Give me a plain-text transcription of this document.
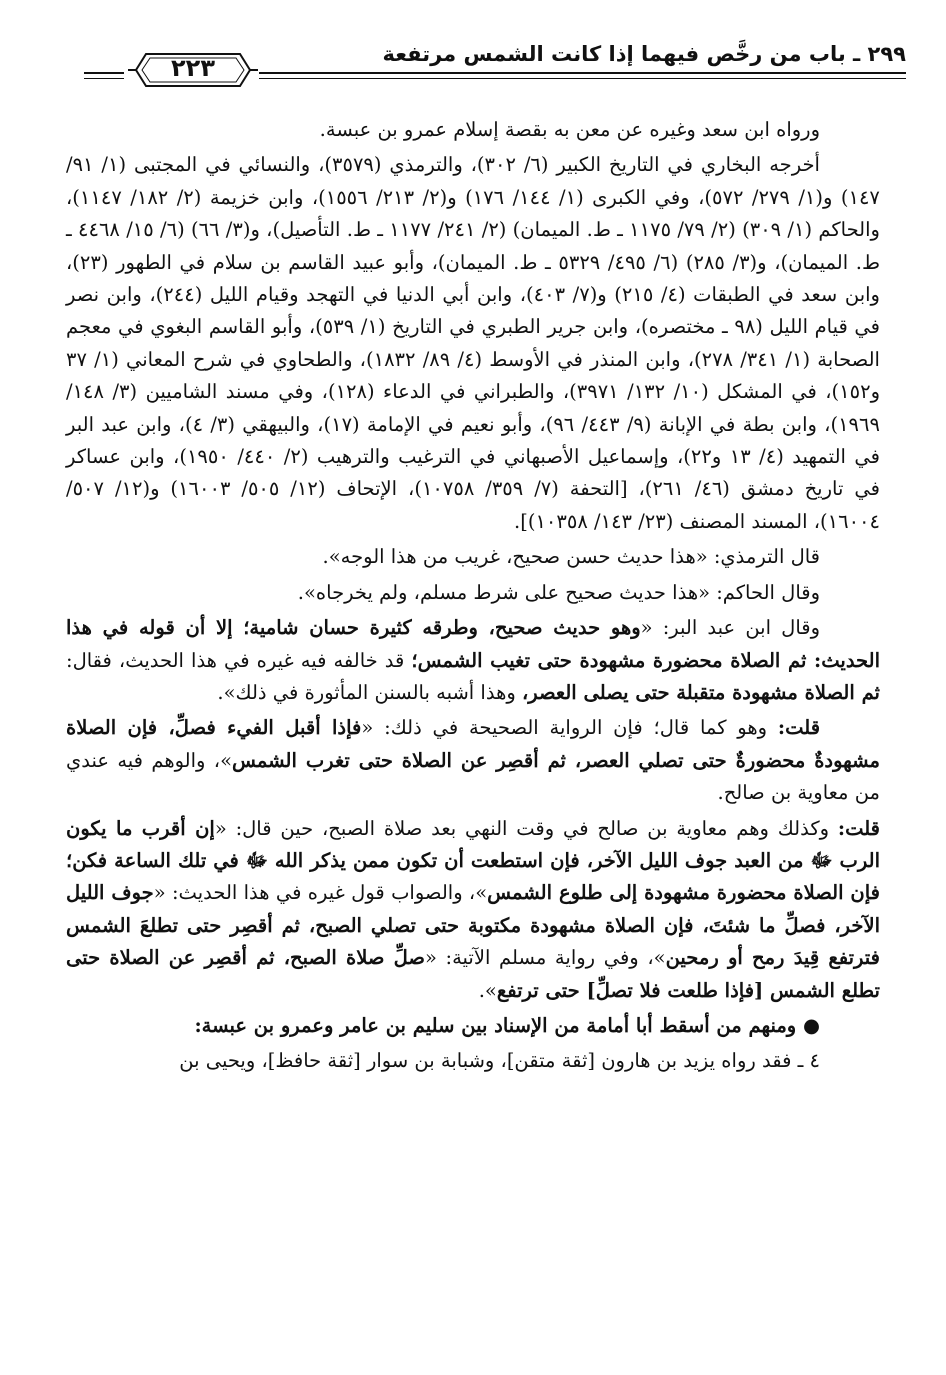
٢٩٩ ـ باب من رخَّص فيهما إذا كانت الشمس مرتفعة
٢٢٣

ورواه ابن سعد وغيره عن معن به بقصة إسلام عمرو بن عبسة.

أخرجه البخاري في التاريخ الكبير (٦/ ٣٠٢)، والترمذي (٣٥٧٩)، والنسائي في المجتبى (١/ ٩١/ ١٤٧) و(١/ ٢٧٩/ ٥٧٢)، وفي الكبرى (١/ ١٤٤/ ١٧٦) و(٢/ ٢١٣/ ١٥٥٦)، وابن خزيمة (٢/ ١٨٢/ ١١٤٧)، والحاكم (١/ ٣٠٩) (٢/ ٧٩/ ١١٧٥ ـ ط. الميمان) (٢/ ٢٤١/ ١١٧٧ ـ ط. التأصيل)، و(٣/ ٦٦) (٦/ ١٥/ ٤٤٦٨ ـ ط. الميمان)، و(٣/ ٢٨٥) (٦/ ٤٩٥/ ٥٣٢٩ ـ ط. الميمان)، وأبو عبيد القاسم بن سلام في الطهور (٢٣)، وابن سعد في الطبقات (٤/ ٢١٥) و(٧/ ٤٠٣)، وابن أبي الدنيا في التهجد وقيام الليل (٢٤٤)، وابن نصر في قيام الليل (٩٨ ـ مختصره)، وابن جرير الطبري في التاريخ (١/ ٥٣٩)، وأبو القاسم البغوي في معجم الصحابة (١/ ٣٤١/ ٢٧٨)، وابن المنذر في الأوسط (٤/ ٨٩/ ١٨٣٢)، والطحاوي في شرح المعاني (١/ ٣٧ و١٥٢)، في المشكل (١٠/ ١٣٢/ ٣٩٧١)، والطبراني في الدعاء (١٢٨)، وفي مسند الشاميين (٣/ ١٤٨/ ١٩٦٩)، وابن بطة في الإبانة (٩/ ٤٤٣/ ٩٦)، وأبو نعيم في الإمامة (١٧)، والبيهقي (٣/ ٤)، وابن عبد البر في التمهيد (٤/ ١٣ و٢٢)، وإسماعيل الأصبهاني في الترغيب والترهيب (٢/ ٤٤٠/ ١٩٥٠)، وابن عساكر في تاريخ دمشق (٤٦/ ٢٦١)، [التحفة (٧/ ٣٥٩/ ١٠٧٥٨)، الإتحاف (١٢/ ٥٠٥/ ١٦٠٠٣) و(١٢/ ٥٠٧/ ١٦٠٠٤)، المسند المصنف (٢٣/ ١٤٣/ ١٠٣٥٨)].

قال الترمذي: «هذا حديث حسن صحيح، غريب من هذا الوجه».

وقال الحاكم: «هذا حديث صحيح على شرط مسلم، ولم يخرجاه».

وقال ابن عبد البر: «وهو حديث صحيح، وطرقه كثيرة حسان شامية؛ إلا أن قوله في هذا الحديث: ثم الصلاة محضورة مشهودة حتى تغيب الشمس؛ قد خالفه فيه غيره في هذا الحديث، فقال: ثم الصلاة مشهودة متقبلة حتى يصلى العصر، وهذا أشبه بالسنن المأثورة في ذلك».

قلت: وهو كما قال؛ فإن الرواية الصحيحة في ذلك: «فإذا أقبل الفيء فصلِّ، فإن الصلاة مشهودةٌ محضورةٌ حتى تصلي العصر، ثم أقصِر عن الصلاة حتى تغرب الشمس»، والوهم فيه عندي من معاوية بن صالح.

قلت: وكذلك وهم معاوية بن صالح في وقت النهي بعد صلاة الصبح، حين قال: «إن أقرب ما يكون الرب ﷻ من العبد جوف الليل الآخر، فإن استطعت أن تكون ممن يذكر الله ﷻ في تلك الساعة فكن؛ فإن الصلاة محضورة مشهودة إلى طلوع الشمس»، والصواب قول غيره في هذا الحديث: «جوف الليل الآخر، فصلِّ ما شئتَ، فإن الصلاة مشهودة مكتوبة حتى تصلي الصبح، ثم أقصِر حتى تطلعَ الشمس فترتفع قِيدَ رمح أو رمحين»، وفي رواية مسلم الآتية: «صلِّ صلاة الصبح، ثم أقصِر عن الصلاة حتى تطلع الشمس [فإذا طلعت فلا تصلِّ] حتى ترتفع».

● ومنهم من أسقط أبا أمامة من الإسناد بين سليم بن عامر وعمرو بن عبسة:

٤ ـ فقد رواه يزيد بن هارون [ثقة متقن]، وشبابة بن سوار [ثقة حافظ]، ويحيى بن
